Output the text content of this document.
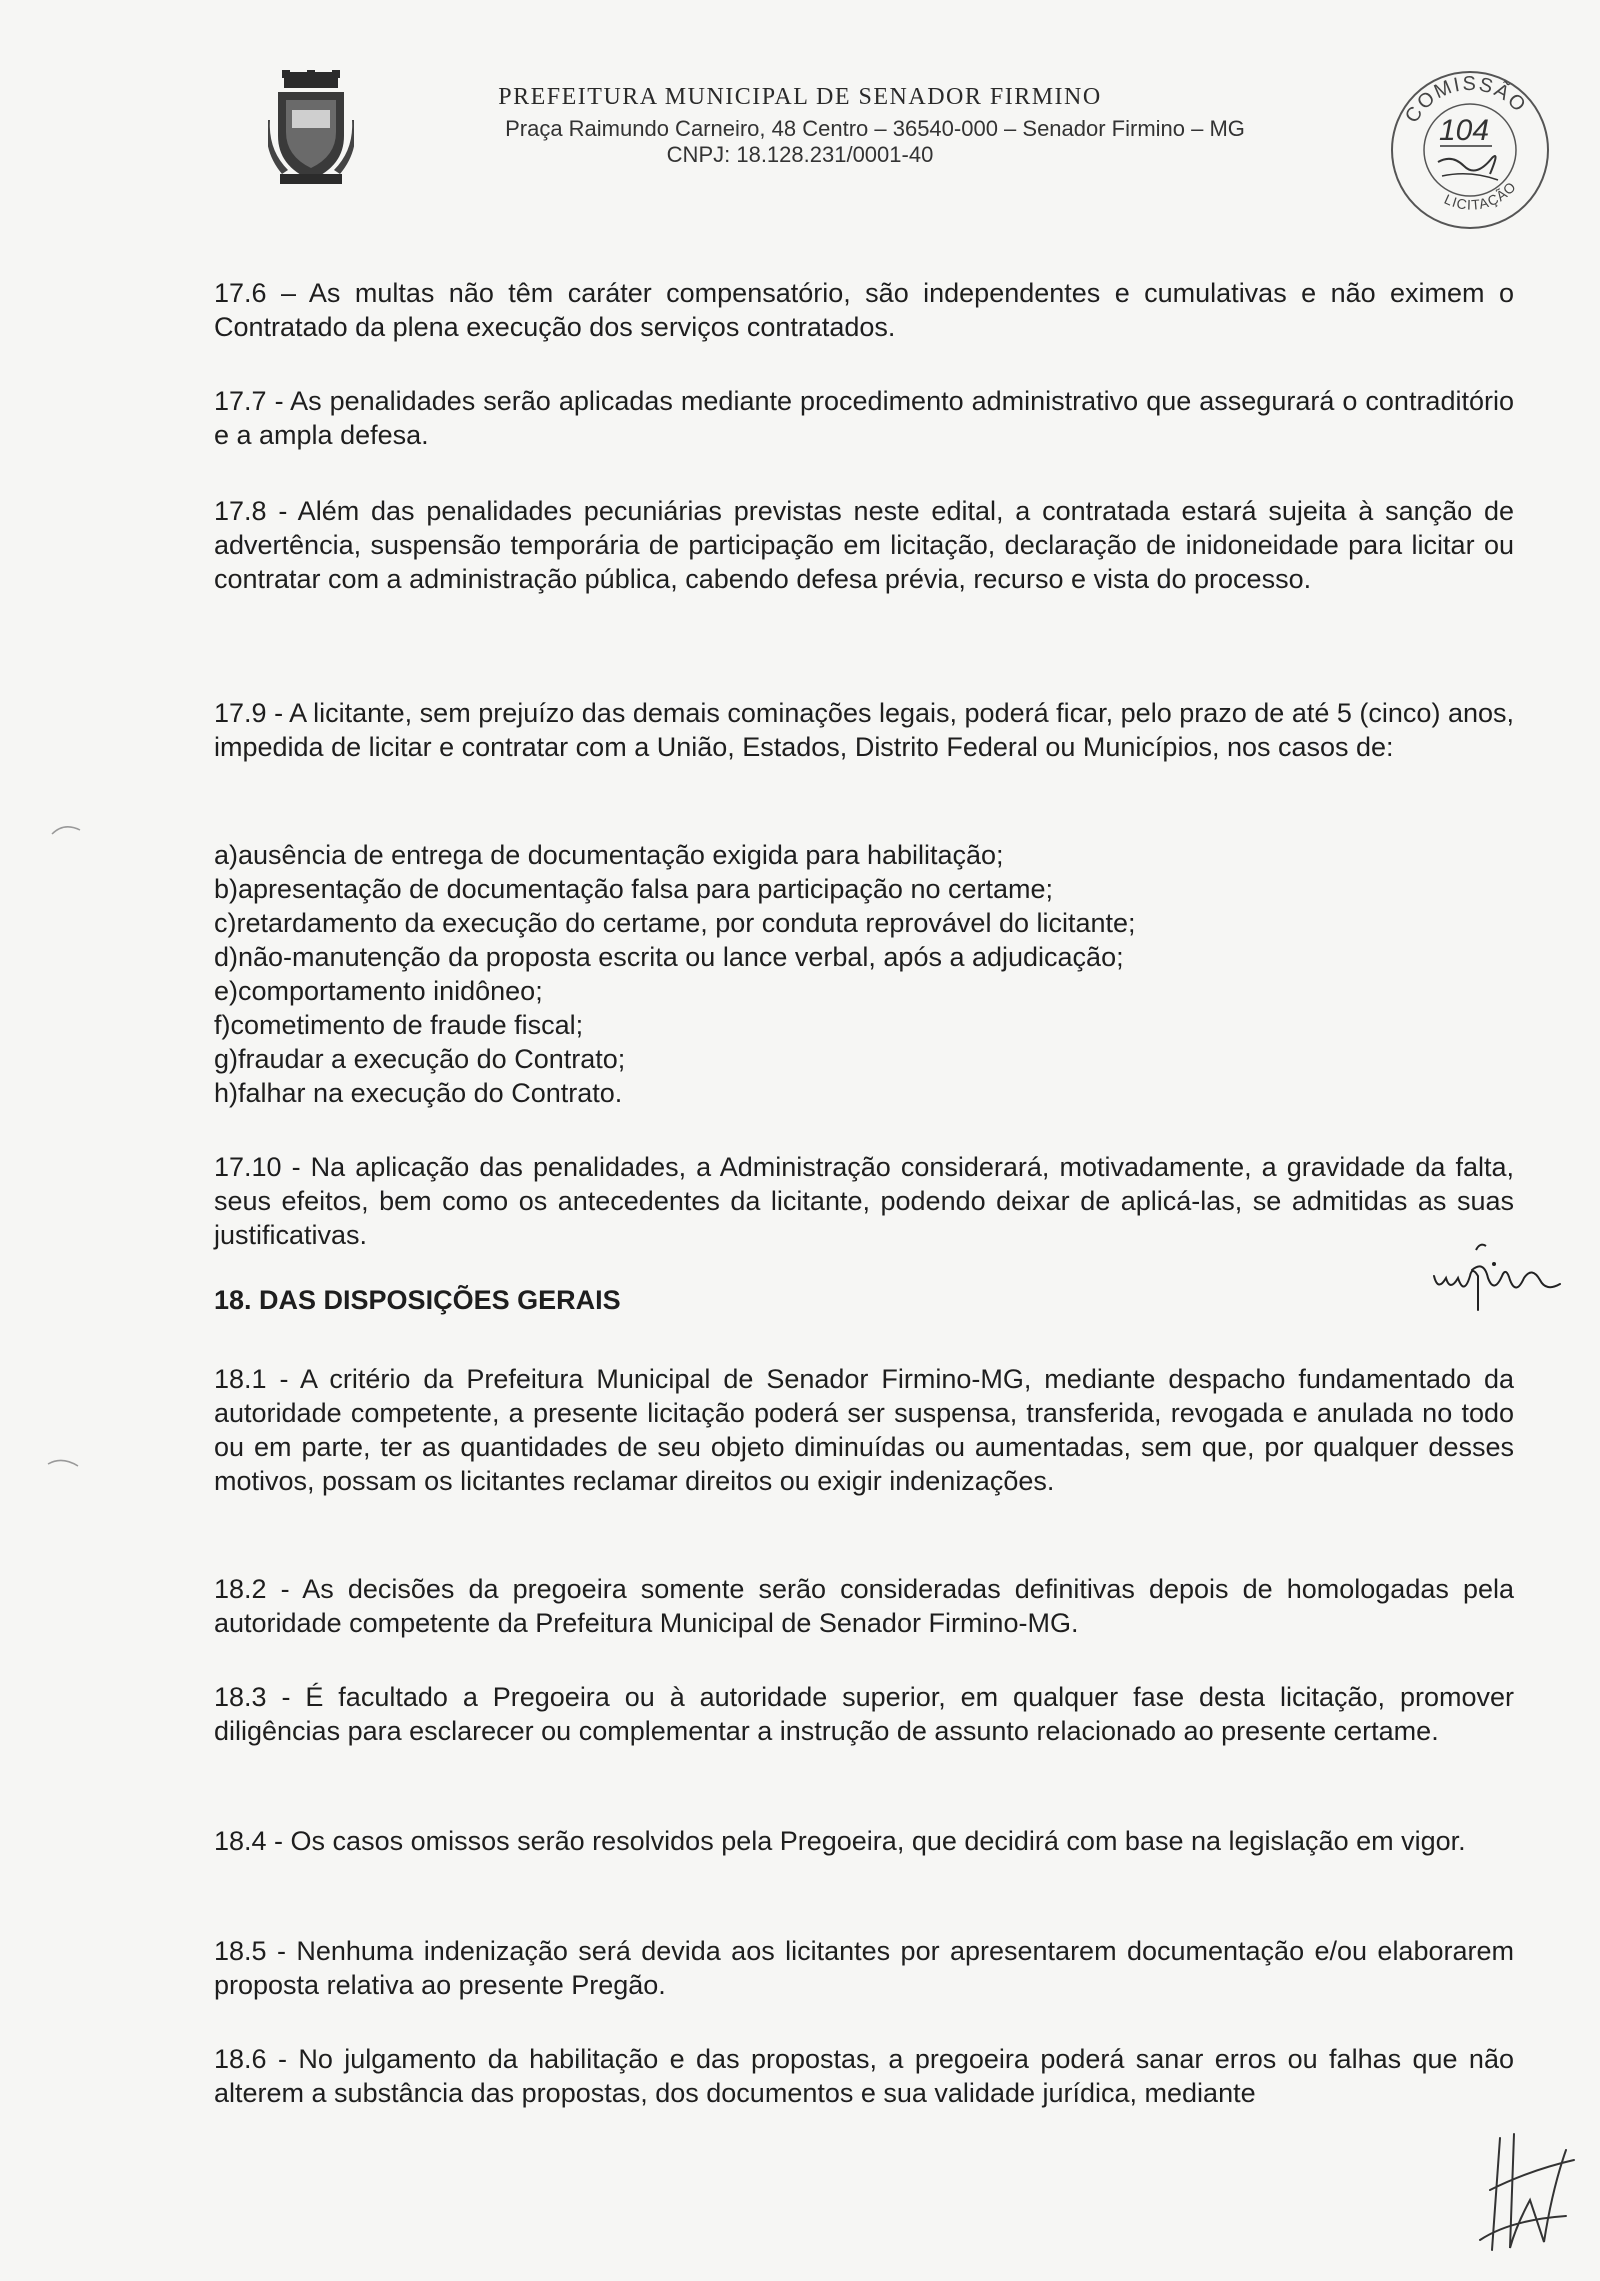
PREFEITURA MUNICIPAL DE SENADOR FIRMINO
Praça Raimundo Carneiro, 48 Centro – 36540-000 – Senador Firmino – MG
CNPJ: 18.128.231/0001-40
COMISSÃO
LICITAÇÃO
104

17.6 – As multas não têm caráter compensatório, são independentes e cumulativas e não eximem o Contratado da plena execução dos serviços contratados.

17.7 - As penalidades serão aplicadas mediante procedimento administrativo que assegurará o contraditório e a ampla defesa.

17.8 - Além das penalidades pecuniárias previstas neste edital, a contratada estará sujeita à sanção de advertência, suspensão temporária de participação em licitação, declaração de inidoneidade para licitar ou contratar com a administração pública, cabendo defesa prévia, recurso e vista do processo.

17.9 - A licitante, sem prejuízo das demais cominações legais, poderá ficar, pelo prazo de até 5 (cinco) anos, impedida de licitar e contratar com a União, Estados, Distrito Federal ou Municípios, nos casos de:

a)ausência de entrega de documentação exigida para habilitação;
b)apresentação de documentação falsa para participação no certame;
c)retardamento da execução do certame, por conduta reprovável do licitante;
d)não-manutenção da proposta escrita ou lance verbal, após a adjudicação;
e)comportamento inidôneo;
f)cometimento de fraude fiscal;
g)fraudar a execução do Contrato;
h)falhar na execução do Contrato.

17.10 - Na aplicação das penalidades, a Administração considerará, motivadamente, a gravidade da falta, seus efeitos, bem como os antecedentes da licitante, podendo deixar de aplicá-las, se admitidas as suas justificativas.

18. DAS DISPOSIÇÕES GERAIS

18.1 - A critério da Prefeitura Municipal de Senador Firmino-MG, mediante despacho fundamentado da autoridade competente, a presente licitação poderá ser suspensa, transferida, revogada e anulada no todo ou em parte, ter as quantidades de seu objeto diminuídas ou aumentadas, sem que, por qualquer desses motivos, possam os licitantes reclamar direitos ou exigir indenizações.

18.2 - As decisões da pregoeira somente serão consideradas definitivas depois de homologadas pela autoridade competente da Prefeitura Municipal de Senador Firmino-MG.

18.3 - É facultado a Pregoeira ou à autoridade superior, em qualquer fase desta licitação, promover diligências para esclarecer ou complementar a instrução de assunto relacionado ao presente certame.

18.4 - Os casos omissos serão resolvidos pela Pregoeira, que decidirá com base na legislação em vigor.

18.5 - Nenhuma indenização será devida aos licitantes por apresentarem documentação e/ou elaborarem proposta relativa ao presente Pregão.

18.6 - No julgamento da habilitação e das propostas, a pregoeira poderá sanar erros ou falhas que não alterem a substância das propostas, dos documentos e sua validade jurídica, mediante
